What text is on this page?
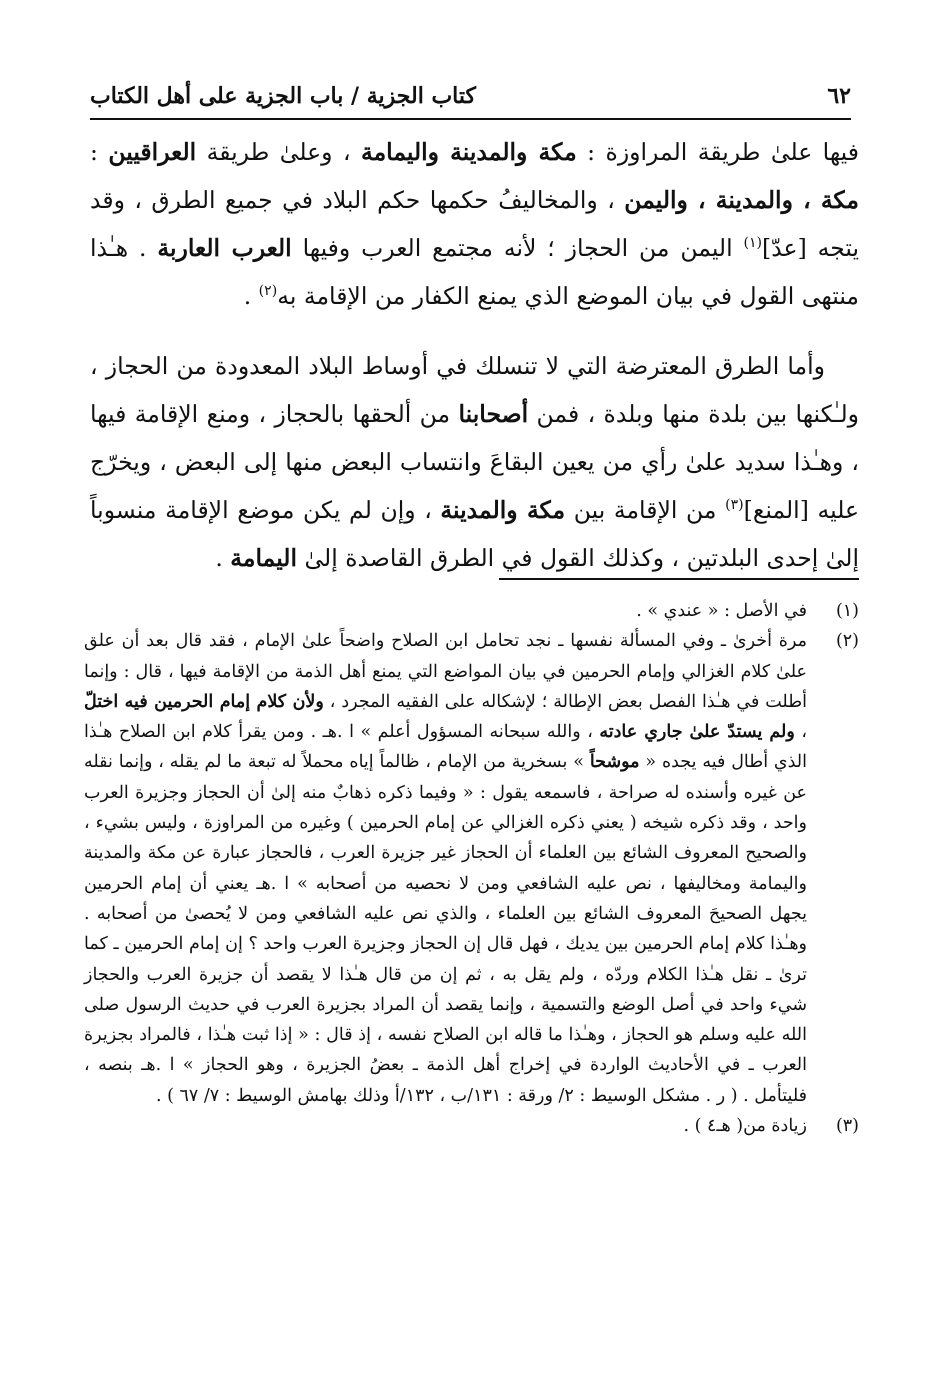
٦٢
كتاب الجزية / باب الجزية على أهل الكتاب

فيها علىٰ طريقة المراوزة : مكة والمدينة واليمامة ، وعلىٰ طريقة العراقيين : مكة ، والمدينة ، واليمن ، والمخاليفُ حكمها حكم البلاد في جميع الطرق ، وقد يتجه [عدّ]$^{(١)}$ اليمن من الحجاز ؛ لأنه مجتمع العرب وفيها العرب العاربة . هـٰذا منتهى القول في بيان الموضع الذي يمنع الكفار من الإقامة به$^{(٢)}$ .

وأما الطرق المعترضة التي لا تنسلك في أوساط البلاد المعدودة من الحجاز ، ولـٰكنها بين بلدة منها وبلدة ، فمن أصحابنا من ألحقها بالحجاز ، ومنع الإقامة فيها ، وهـٰذا سديد علىٰ رأي من يعين البقاعَ وانتساب البعض منها إلى البعض ، ويخرّج عليه [المنع]$^{(٣)}$ من الإقامة بين مكة والمدينة ، وإن لم يكن موضع الإقامة منسوباً إلىٰ إحدى البلدتين ، وكذلك القول في الطرق القاصدة إلىٰ اليمامة .

(١)
في الأصل : « عندي » .
(٢)
مرة أخرىٰ ـ وفي المسألة نفسها ـ نجد تحامل ابن الصلاح واضحاً علىٰ الإمام ، فقد قال بعد أن علق علىٰ كلام الغزالي وإمام الحرمين في بيان المواضع التي يمنع أهل الذمة من الإقامة فيها ، قال : وإنما أطلت في هـٰذا الفصل بعض الإطالة ؛ لإشكاله على الفقيه المجرد ، ولأن كلام إمام الحرمين فيه اختلّ ، ولم يستدّ علىٰ جاري عادته ، والله سبحانه المسؤول أعلم » ا .هـ . ومن يقرأ كلام ابن الصلاح هـٰذا الذي أطال فيه يجده « موشحاً » بسخرية من الإمام ، ظالماً إياه محملاً له تبعة ما لم يقله ، وإنما نقله عن غيره وأسنده له صراحة ، فاسمعه يقول : « وفيما ذكره ذهابٌ منه إلىٰ أن الحجاز وجزيرة العرب واحد ، وقد ذكره شيخه ( يعني ذكره الغزالي عن إمام الحرمين ) وغيره من المراوزة ، وليس بشيء ، والصحيح المعروف الشائع بين العلماء أن الحجاز غير جزيرة العرب ، فالحجاز عبارة عن مكة والمدينة واليمامة ومخاليفها ، نص عليه الشافعي ومن لا نحصيه من أصحابه » ا .هـ يعني أن إمام الحرمين يجهل الصحيحَ المعروف الشائع بين العلماء ، والذي نص عليه الشافعي ومن لا يُحصىٰ من أصحابه . وهـٰذا كلام إمام الحرمين بين يديك ، فهل قال إن الحجاز وجزيرة العرب واحد ؟ إن إمام الحرمين ـ كما ترىٰ ـ نقل هـٰذا الكلام وردّه ، ولم يقل به ، ثم إن من قال هـٰذا لا يقصد أن جزيرة العرب والحجاز شيء واحد في أصل الوضع والتسمية ، وإنما يقصد أن المراد بجزيرة العرب في حديث الرسول صلى الله عليه وسلم هو الحجاز ، وهـٰذا ما قاله ابن الصلاح نفسه ، إذ قال : « إذا ثبت هـٰذا ، فالمراد بجزيرة العرب ـ في الأحاديث الواردة في إخراج أهل الذمة ـ بعضُ الجزيرة ، وهو الحجاز » ا .هـ بنصه ، فليتأمل . ( ر . مشكل الوسيط : ٢/ ورقة : ١٣١/ب ، ١٣٢/أ وذلك بهامش الوسيط : ٧/ ٦٧ ) .
(٣)
زيادة من( هـ٤ ) .
